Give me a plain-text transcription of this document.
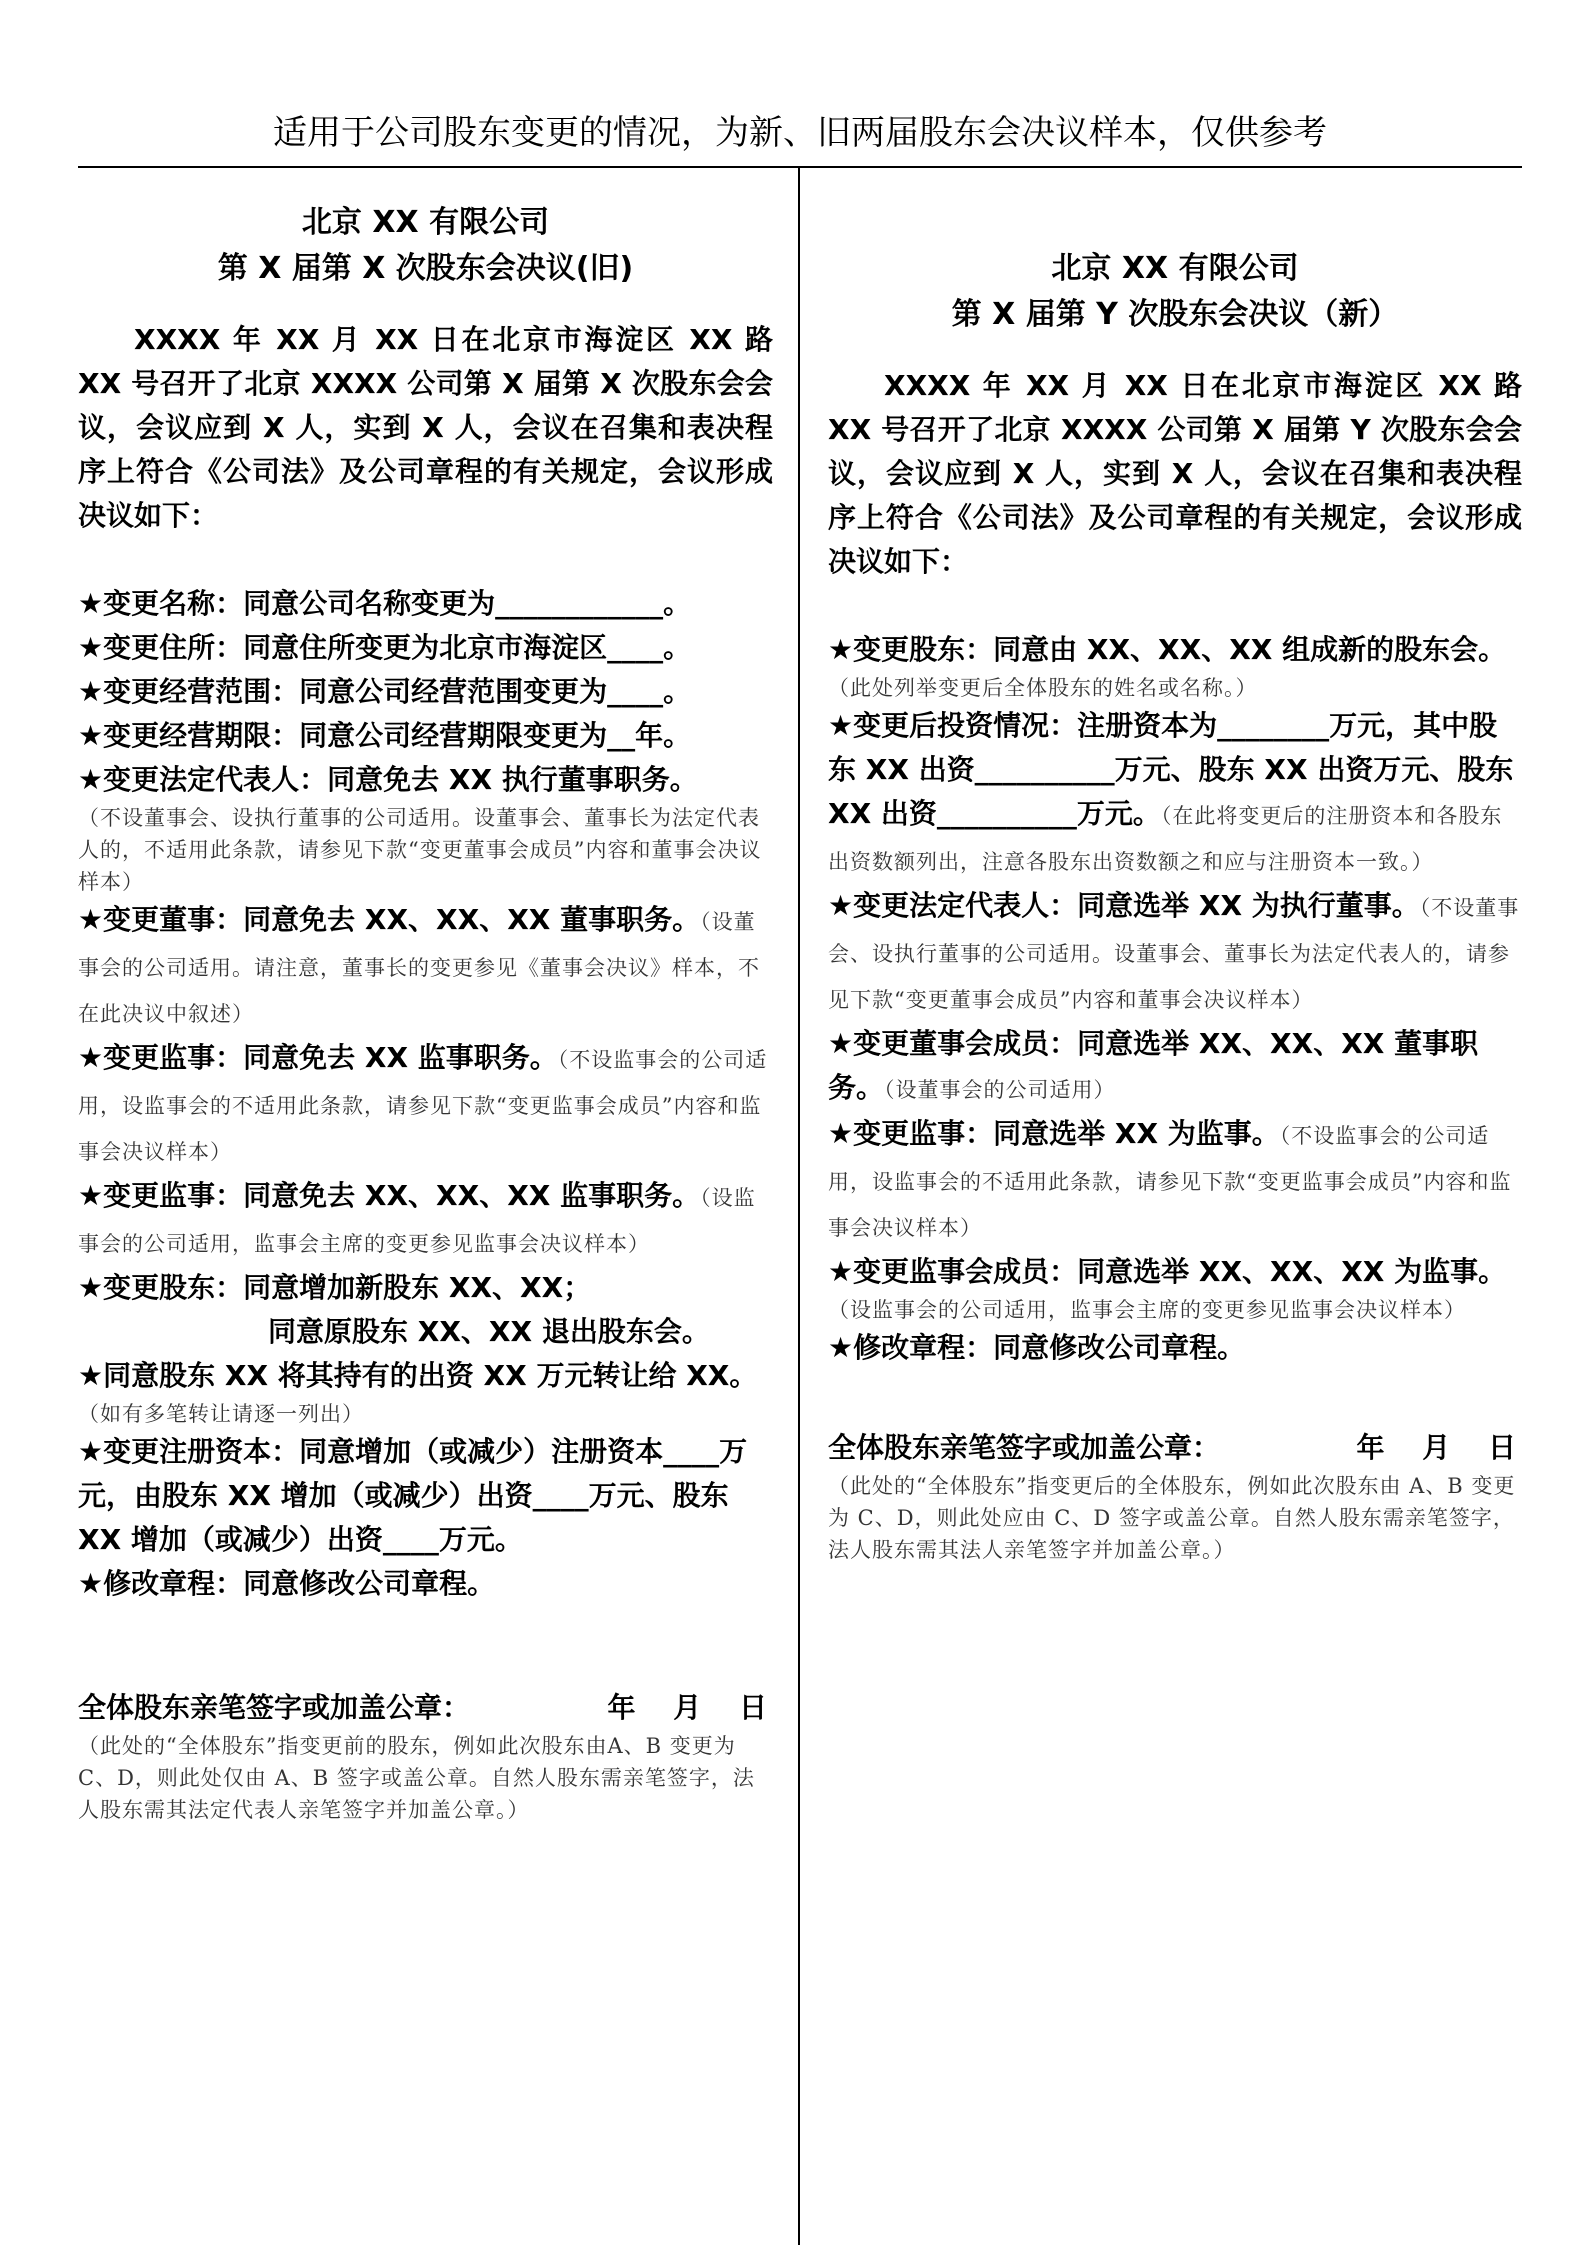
适用于公司股东变更的情况，为新、旧两届股东会决议样本，仅供参考
北京 XX 有限公司
第 X 届第 X 次股东会决议(旧)
XXXX 年 XX 月 XX 日在北京市海淀区 XX 路 XX 号召开了北京 XXXX 公司第 X 届第 X 次股东会会议，会议应到 X 人，实到 X 人，会议在召集和表决程序上符合《公司法》及公司章程的有关规定，会议形成决议如下：
★变更名称：同意公司名称变更为____________。
★变更住所：同意住所变更为北京市海淀区____。
★变更经营范围：同意公司经营范围变更为____。
★变更经营期限：同意公司经营期限变更为__年。
★变更法定代表人：同意免去 XX 执行董事职务。
（不设董事会、设执行董事的公司适用。设董事会、董事长为法定代表人的，不适用此条款，请参见下款“变更董事会成员”内容和董事会决议样本）
★变更董事：同意免去 XX、XX、XX 董事职务。（设董事会的公司适用。请注意，董事长的变更参见《董事会决议》样本，不在此决议中叙述）
★变更监事：同意免去 XX 监事职务。（不设监事会的公司适用，设监事会的不适用此条款，请参见下款“变更监事会成员”内容和监事会决议样本）
★变更监事：同意免去 XX、XX、XX 监事职务。（设监事会的公司适用，监事会主席的变更参见监事会决议样本）
★变更股东：同意增加新股东 XX、XX；
同意原股东 XX、XX 退出股东会。
★同意股东 XX 将其持有的出资 XX 万元转让给 XX。
（如有多笔转让请逐一列出）
★变更注册资本：同意增加（或减少）注册资本____万元，由股东 XX 增加（或减少）出资____万元、股东 XX 增加（或减少）出资____万元。
★修改章程：同意修改公司章程。
全体股东亲笔签字或加盖公章：	年 月 日
（此处的“全体股东”指变更前的股东，例如此次股东由A、B 变更为 C、D，则此处仅由 A、B 签字或盖公章。自然人股东需亲笔签字，法人股东需其法定代表人亲笔签字并加盖公章。）
北京 XX 有限公司
第 X 届第 Y 次股东会决议（新）
XXXX 年 XX 月 XX 日在北京市海淀区 XX 路 XX 号召开了北京 XXXX 公司第 X 届第 Y 次股东会会议，会议应到 X 人，实到 X 人，会议在召集和表决程序上符合《公司法》及公司章程的有关规定，会议形成决议如下：
★变更股东：同意由 XX、XX、XX 组成新的股东会。
（此处列举变更后全体股东的姓名或名称。）
★变更后投资情况：注册资本为________万元，其中股东 XX 出资__________万元、股东 XX 出资万元、股东 XX 出资__________万元。（在此将变更后的注册资本和各股东出资数额列出，注意各股东出资数额之和应与注册资本一致。）
★变更法定代表人：同意选举 XX 为执行董事。（不设董事会、设执行董事的公司适用。设董事会、董事长为法定代表人的，请参见下款“变更董事会成员”内容和董事会决议样本）
★变更董事会成员：同意选举 XX、XX、XX 董事职务。（设董事会的公司适用）
★变更监事：同意选举 XX 为监事。（不设监事会的公司适用，设监事会的不适用此条款，请参见下款“变更监事会成员”内容和监事会决议样本）
★变更监事会成员：同意选举 XX、XX、XX 为监事。
（设监事会的公司适用，监事会主席的变更参见监事会决议样本）
★修改章程：同意修改公司章程。
全体股东亲笔签字或加盖公章：	年 月 日
（此处的“全体股东”指变更后的全体股东，例如此次股东由 A、B 变更为 C、D，则此处应由 C、D 签字或盖公章。自然人股东需亲笔签字，法人股东需其法人亲笔签字并加盖公章。）
